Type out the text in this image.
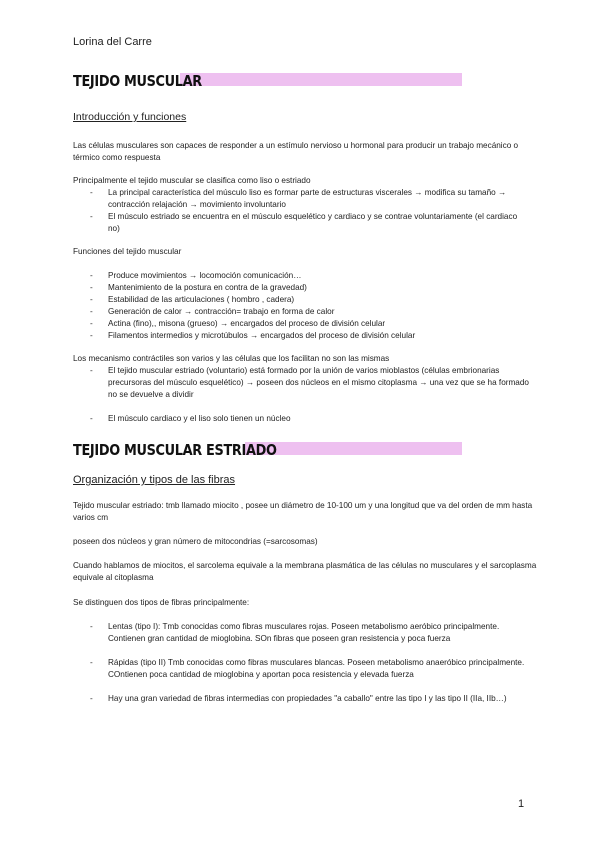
Lorina del Carre
TEJIDO MUSCULAR
Introducción y funciones
Las células musculares son capaces de responder a un estímulo nervioso u hormonal para producir un trabajo mecánico o térmico como respuesta
Principalmente el tejido muscular se clasifica como liso o estriado
- La principal característica del músculo liso es formar parte de estructuras viscerales → modifica su tamaño → contracción relajación → movimiento involuntario
- El músculo estriado se encuentra en el músculo esquelético y cardiaco y se contrae voluntariamente (el cardiaco no)
Funciones del tejido muscular
- Produce movimientos → locomoción comunicación…
- Mantenimiento de la postura en contra de la gravedad)
- Estabilidad de las articulaciones ( hombro , cadera)
- Generación de calor → contracción= trabajo en forma de calor
- Actina (fino),, misona (grueso) → encargados del proceso de división celular
- Filamentos intermedios y microtúbulos → encargados del proceso de división celular
Los mecanismo contráctiles son varios y las células que los facilitan no son las mismas
- El tejido muscular estriado (voluntario) está formado por la unión de varios mioblastos (células embrionarias precursoras del músculo esquelético) → poseen dos núcleos en el mismo citoplasma → una vez que se ha formado no se devuelve a dividir
- El músculo cardiaco y el liso solo tienen un núcleo
TEJIDO MUSCULAR ESTRIADO
Organización y tipos de las fibras
Tejido muscular estriado: tmb llamado miocito , posee un diámetro de 10-100 um y una longitud que va del orden de mm hasta varios cm
poseen dos núcleos y gran número de mitocondrias (=sarcosomas)
Cuando hablamos de miocitos, el sarcolema equivale a la membrana plasmática de las células no musculares y el sarcoplasma equivale al citoplasma
Se distinguen dos tipos de fibras principalmente:
- Lentas (tipo I): Tmb conocidas como fibras musculares rojas. Poseen metabolismo aeróbico principalmente. Contienen gran cantidad de mioglobina. SOn fibras que poseen gran resistencia y poca fuerza
- Rápidas (tipo II) Tmb conocidas como fibras musculares blancas. Poseen metabolismo anaeróbico principalmente. COntienen poca cantidad de mioglobina y aportan poca resistencia y elevada fuerza
- Hay una gran variedad de fibras intermedias con propiedades "a caballo" entre las tipo I y las tipo II (IIa, IIb…)
1
